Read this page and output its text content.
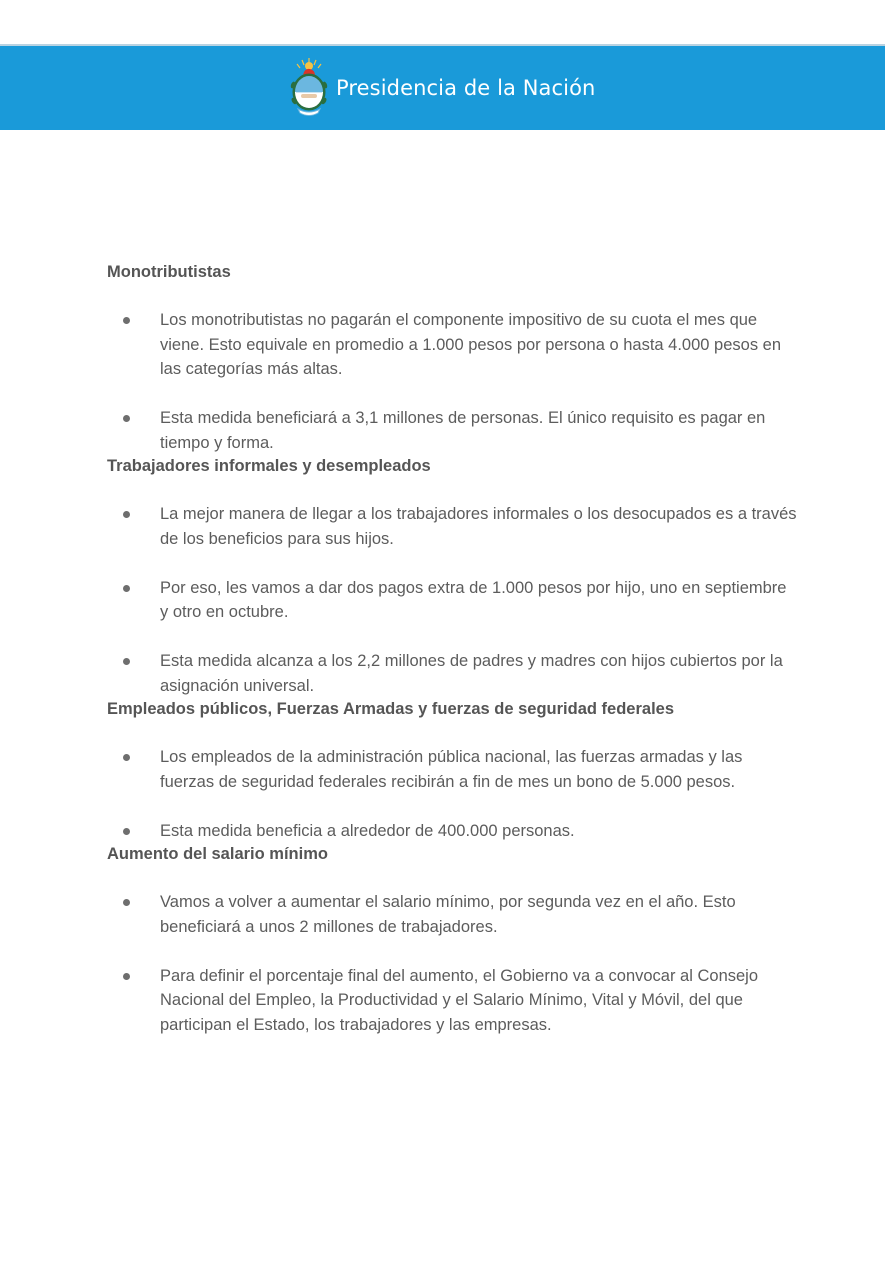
Presidencia de la Nación
Monotributistas
Los monotributistas no pagarán el componente impositivo de su cuota el mes que viene. Esto equivale en promedio a 1.000 pesos por persona o hasta 4.000 pesos en las categorías más altas.
Esta medida beneficiará a 3,1 millones de personas. El único requisito es pagar en tiempo y forma.
Trabajadores informales y desempleados
La mejor manera de llegar a los trabajadores informales o los desocupados es a través de los beneficios para sus hijos.
Por eso, les vamos a dar dos pagos extra de 1.000 pesos por hijo, uno en septiembre y otro en octubre.
Esta medida alcanza a los 2,2 millones de padres y madres con hijos cubiertos por la asignación universal.
Empleados públicos, Fuerzas Armadas y fuerzas de seguridad federales
Los empleados de la administración pública nacional, las fuerzas armadas y las fuerzas de seguridad federales recibirán a fin de mes un bono de 5.000 pesos.
Esta medida beneficia a alrededor de 400.000 personas.
Aumento del salario mínimo
Vamos a volver a aumentar el salario mínimo, por segunda vez en el año. Esto beneficiará a unos 2 millones de trabajadores.
Para definir el porcentaje final del aumento, el Gobierno va a convocar al Consejo Nacional del Empleo, la Productividad y el Salario Mínimo, Vital y Móvil, del que participan el Estado, los trabajadores y las empresas.
